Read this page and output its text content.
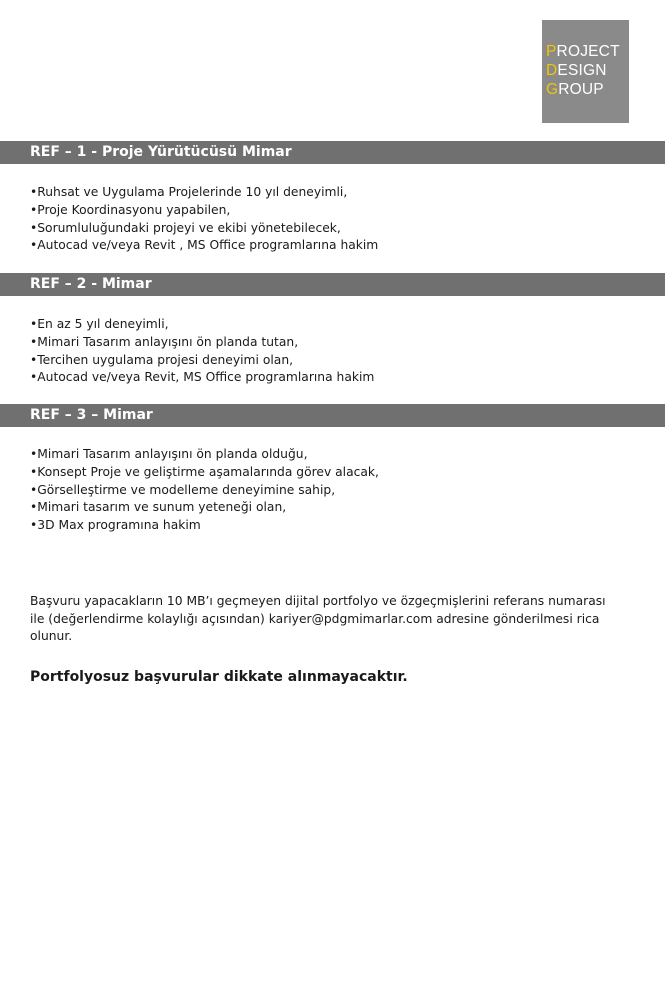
PROJECT
DESIGN
GROUP
REF – 1 - Proje Yürütücüsü Mimar
•Ruhsat ve Uygulama Projelerinde 10 yıl deneyimli,
•Proje Koordinasyonu yapabilen,
•Sorumluluğundaki projeyi ve ekibi yönetebilecek,
•Autocad ve/veya Revit , MS Office programlarına hakim
REF – 2 - Mimar
•En az 5 yıl deneyimli,
•Mimari Tasarım anlayışını ön planda tutan,
•Tercihen uygulama projesi deneyimi olan,
•Autocad ve/veya Revit, MS Office programlarına hakim
REF – 3 – Mimar
•Mimari Tasarım anlayışını ön planda olduğu,
•Konsept Proje ve geliştirme aşamalarında görev alacak,
•Görselleştirme ve modelleme deneyimine sahip,
•Mimari tasarım ve sunum yeteneği olan,
•3D Max programına hakim

Başvuru yapacakların 10 MB’ı geçmeyen dijital portfolyo ve özgeçmişlerini referans numarası
ile (değerlendirme kolaylığı açısından) kariyer@pdgmimarlar.com adresine gönderilmesi rica
olunur.

Portfolyosuz başvurular dikkate alınmayacaktır.
